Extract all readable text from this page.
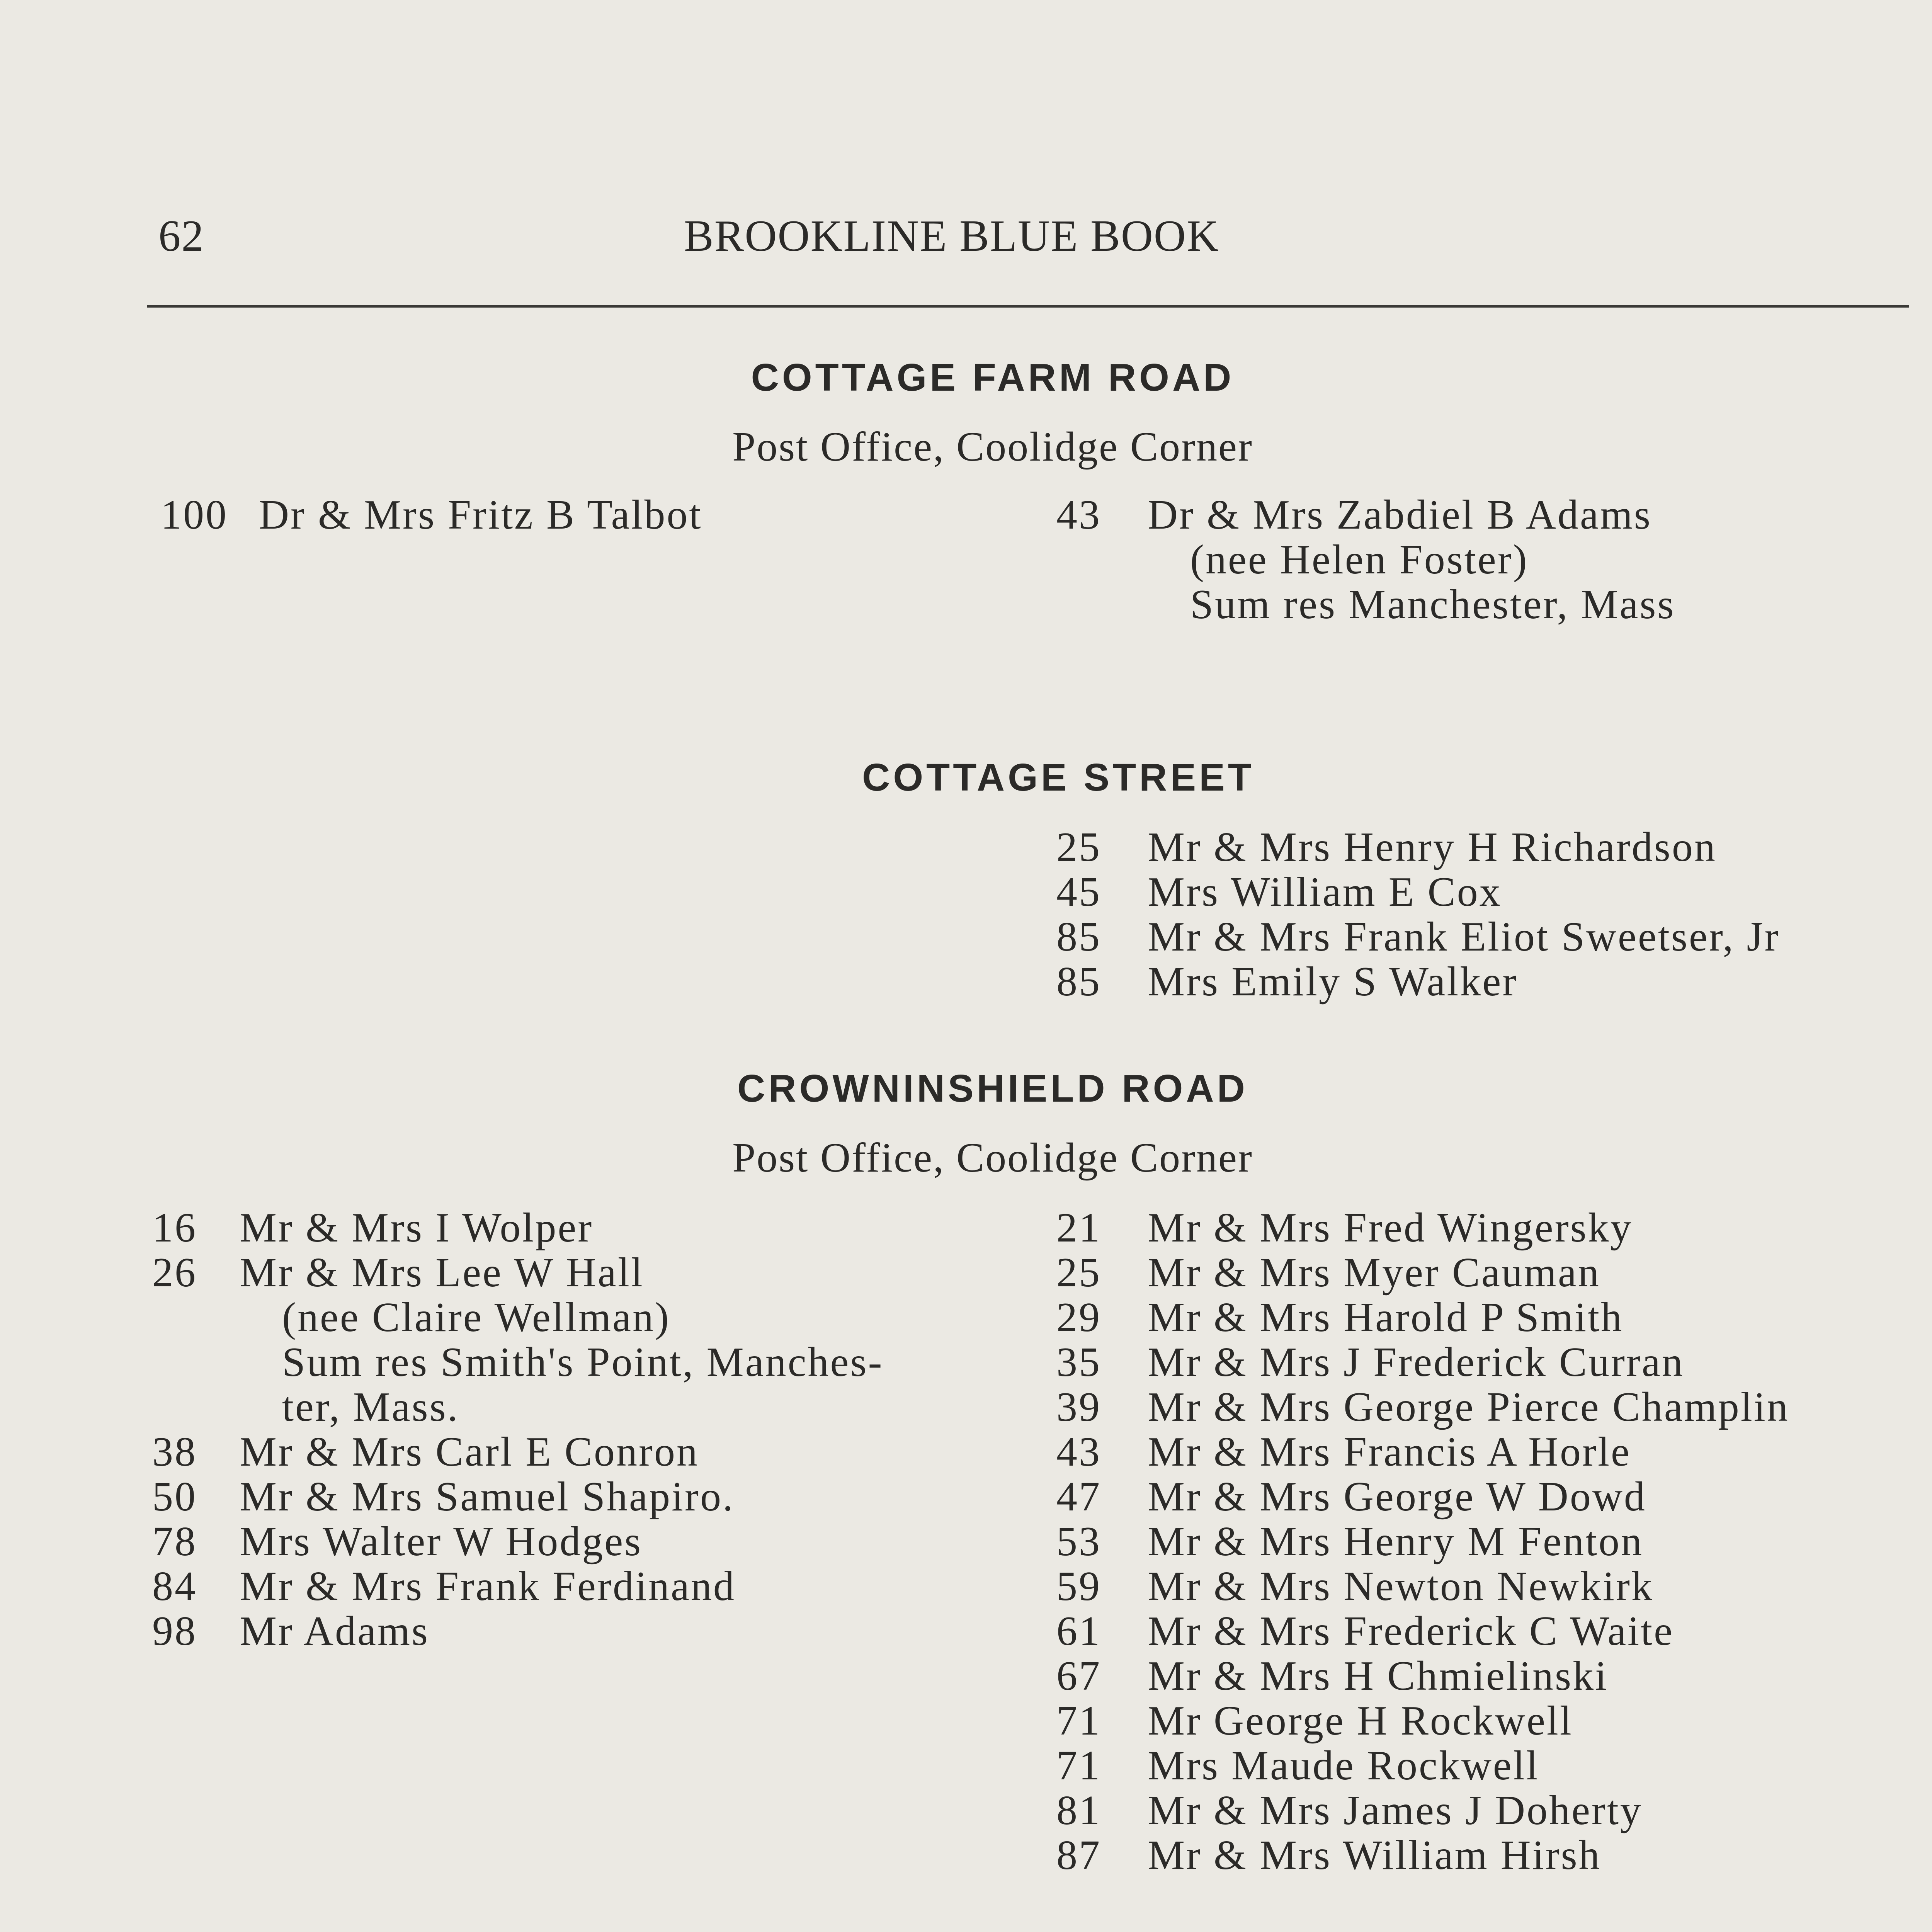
62	BROOKLINE BLUE BOOK
COTTAGE FARM ROAD
Post Office, Coolidge Corner
100 Dr & Mrs Fritz B Talbot	43 Dr & Mrs Zabdiel B Adams
(nee Helen Foster)
Sum res Manchester, Mass
COTTAGE STREET
25 Mr & Mrs Henry H Richardson
45 Mrs William E Cox
85 Mr & Mrs Frank Eliot Sweetser, Jr
85 Mrs Emily S Walker
CROWNINSHIELD ROAD
Post Office, Coolidge Corner
16 Mr & Mrs I Wolper
26 Mr & Mrs Lee W Hall
(nee Claire Wellman)
Sum res Smith's Point, Manches-
ter, Mass.
38 Mr & Mrs Carl E Conron
50 Mr & Mrs Samuel Shapiro.
78 Mrs Walter W Hodges
84 Mr & Mrs Frank Ferdinand
98 Mr Adams
21 Mr & Mrs Fred Wingersky
25 Mr & Mrs Myer Cauman
29 Mr & Mrs Harold P Smith
35 Mr & Mrs J Frederick Curran
39 Mr & Mrs George Pierce Champlin
43 Mr & Mrs Francis A Horle
47 Mr & Mrs George W Dowd
53 Mr & Mrs Henry M Fenton
59 Mr & Mrs Newton Newkirk
61 Mr & Mrs Frederick C Waite
67 Mr & Mrs H Chmielinski
71 Mr George H Rockwell
71 Mrs Maude Rockwell
81 Mr & Mrs James J Doherty
87 Mr & Mrs William Hirsh
